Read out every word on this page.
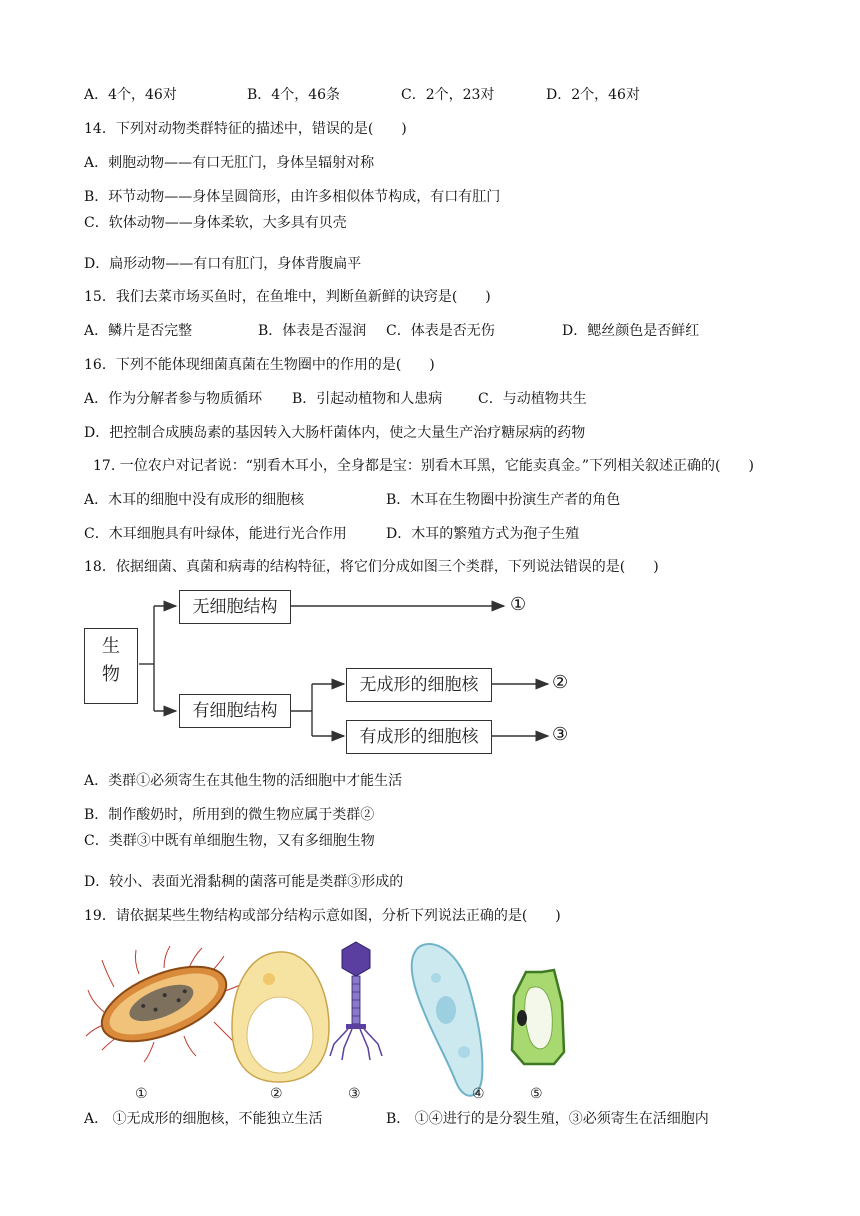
A．4个，46对	B．4个，46条	C．2个，23对	D．2个，46对
14．下列对动物类群特征的描述中，错误的是(　　)
A．刺胞动物——有口无肛门，身体呈辐射对称
B．环节动物——身体呈圆筒形，由许多相似体节构成，有口有肛门
C．软体动物——身体柔软，大多具有贝壳
D．扁形动物——有口有肛门，身体背腹扁平
15．我们去菜市场买鱼时，在鱼堆中，判断鱼新鲜的诀窍是(　　)
A．鳞片是否完整	B．体表是否湿润 C．体表是否无伤	D．鳃丝颜色是否鲜红
16．下列不能体现细菌真菌在生物圈中的作用的是(　　)
A．作为分解者参与物质循环 B．引起动植物和人患病	C．与动植物共生
D．把控制合成胰岛素的基因转入大肠杆菌体内，使之大量生产治疗糖尿病的药物
17. 一位农户对记者说：“别看木耳小，全身都是宝：别看木耳黑，它能卖真金。”下列相关叙述正确的(　　)
A．木耳的细胞中没有成形的细胞核	B．木耳在生物圈中扮演生产者的角色
C．木耳细胞具有叶绿体，能进行光合作用	D．木耳的繁殖方式为孢子生殖
18．依据细菌、真菌和病毒的结构特征，将它们分成如图三个类群，下列说法错误的是(　　)
生物
无细胞结构
有细胞结构
无成形的细胞核
有成形的细胞核
①
②
③
A．类群①必须寄生在其他生物的活细胞中才能生活
B．制作酸奶时，所用到的微生物应属于类群②
C．类群③中既有单细胞生物，又有多细胞生物
D．较小、表面光滑黏稠的菌落可能是类群③形成的
19．请依据某些生物结构或部分结构示意如图，分析下列说法正确的是(　　)
①	②	③	④	⑤
A． ①无成形的细胞核，不能独立生活	B． ①④进行的是分裂生殖，③必须寄生在活细胞内
